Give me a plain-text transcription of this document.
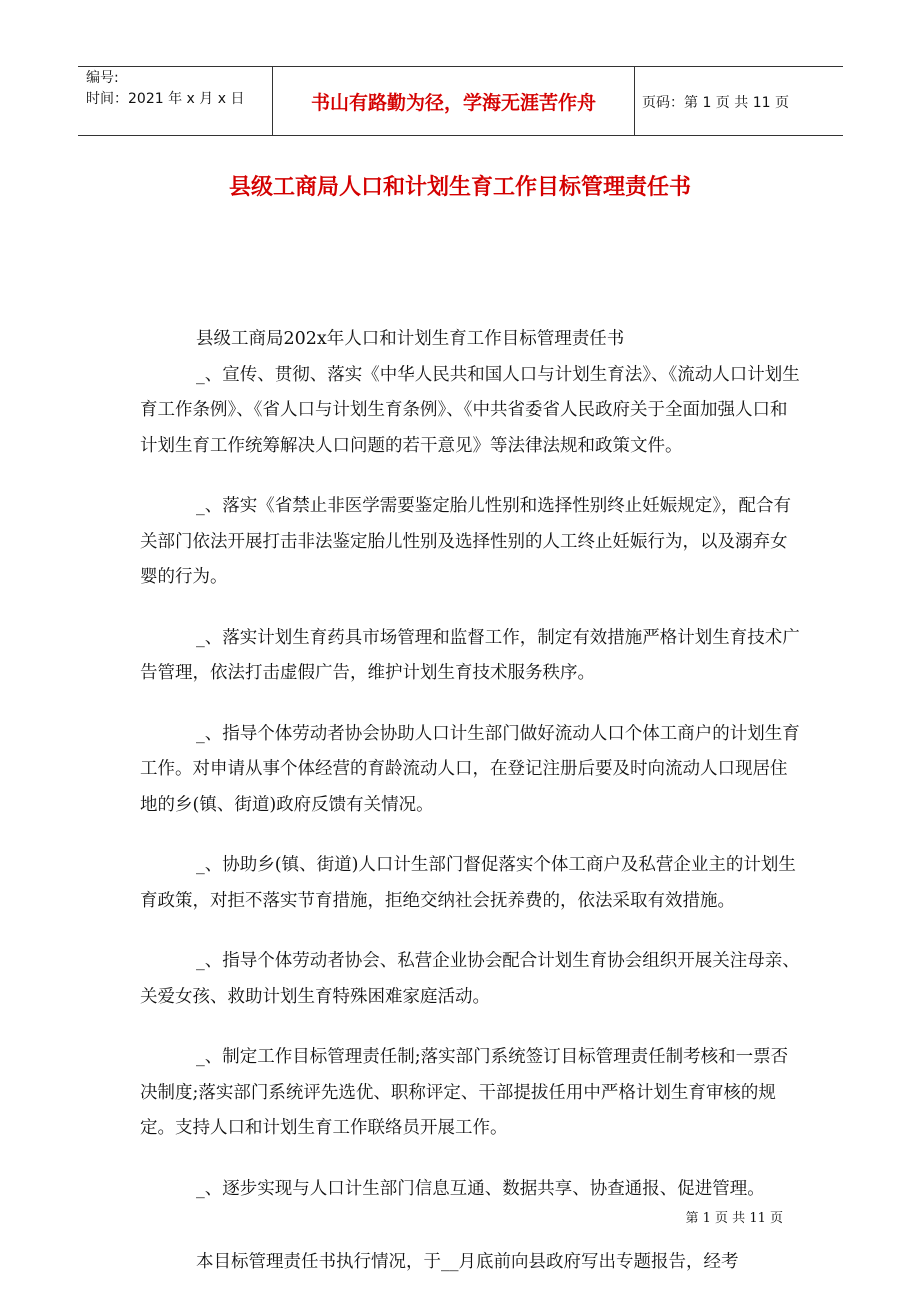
编号:
时间：2021 年 x 月 x 日	书山有路勤为径，学海无涯苦作舟	页码：第 1 页 共 11 页
县级工商局人口和计划生育工作目标管理责任书

县级工商局202x年人口和计划生育工作目标管理责任书

_、宣传、贯彻、落实《中华人民共和国人口与计划生育法》、《流动人口计划生育工作条例》、《省人口与计划生育条例》、《中共省委省人民政府关于全面加强人口和计划生育工作统筹解决人口问题的若干意见》等法律法规和政策文件。

_、落实《省禁止非医学需要鉴定胎儿性别和选择性别终止妊娠规定》，配合有关部门依法开展打击非法鉴定胎儿性别及选择性别的人工终止妊娠行为，以及溺弃女婴的行为。

_、落实计划生育药具市场管理和监督工作，制定有效措施严格计划生育技术广告管理，依法打击虚假广告，维护计划生育技术服务秩序。

_、指导个体劳动者协会协助人口计生部门做好流动人口个体工商户的计划生育工作。对申请从事个体经营的育龄流动人口，在登记注册后要及时向流动人口现居住地的乡(镇、街道)政府反馈有关情况。

_、协助乡(镇、街道)人口计生部门督促落实个体工商户及私营企业主的计划生育政策，对拒不落实节育措施，拒绝交纳社会抚养费的，依法采取有效措施。

_、指导个体劳动者协会、私营企业协会配合计划生育协会组织开展关注母亲、关爱女孩、救助计划生育特殊困难家庭活动。

_、制定工作目标管理责任制;落实部门系统签订目标管理责任制考核和一票否决制度;落实部门系统评先选优、职称评定、干部提拔任用中严格计划生育审核的规定。支持人口和计划生育工作联络员开展工作。

_、逐步实现与人口计生部门信息互通、数据共享、协查通报、促进管理。

本目标管理责任书执行情况，于__月底前向县政府写出专题报告，经考

第 1 页 共 11 页
